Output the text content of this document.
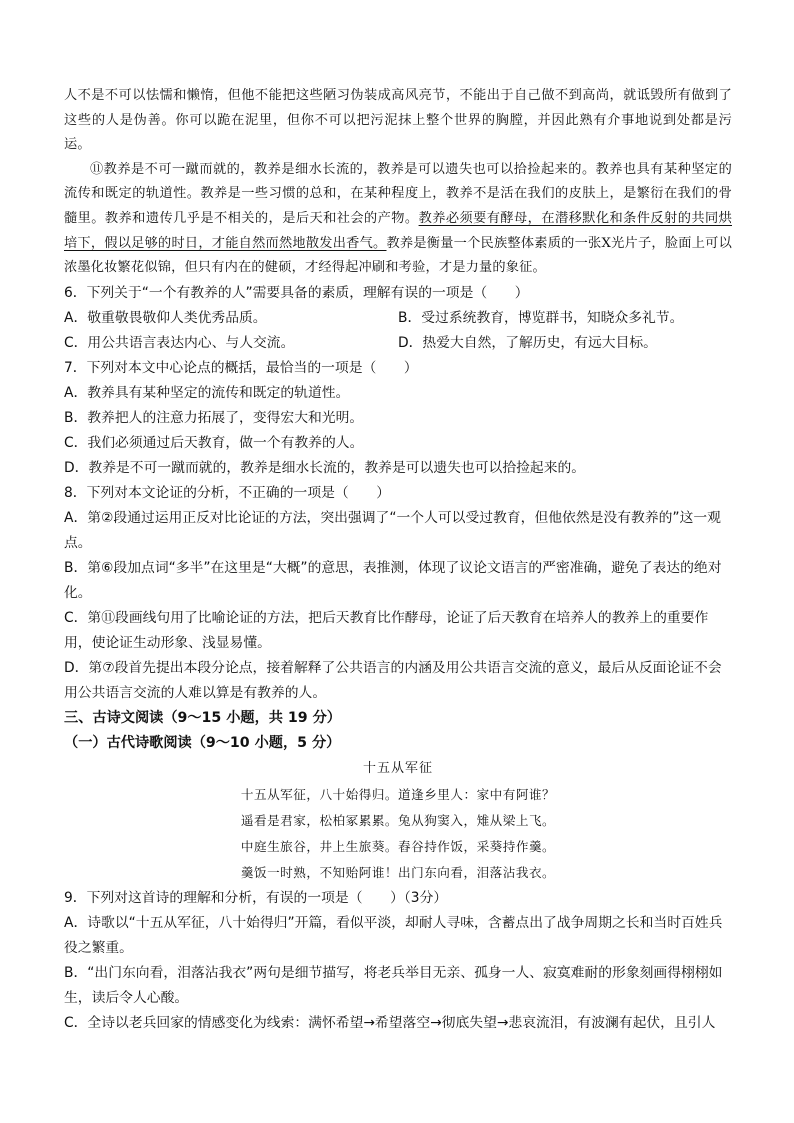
人不是不可以怯懦和懒惰，但他不能把这些陋习伪装成高风亮节，不能出于自己做不到高尚，就诋毁所有做到了这些的人是伪善。你可以跪在泥里，但你不可以把污泥抹上整个世界的胸膛，并因此熟有介事地说到处都是污运。

⑪教养是不可一蹴而就的，教养是细水长流的，教养是可以遗失也可以拾捡起来的。教养也具有某种坚定的流传和既定的轨道性。教养是一些习惯的总和，在某种程度上，教养不是活在我们的皮肤上，是繁衍在我们的骨髓里。教养和遗传几乎是不相关的，是后天和社会的产物。教养必须要有酵母，在潜移默化和条件反射的共同烘培下，假以足够的时日，才能自然而然地散发出香气。教养是衡量一个民族整体素质的一张X光片子，脸面上可以浓墨化妆繁花似锦，但只有内在的健硕，才经得起冲刷和考验，才是力量的象征。

6．下列关于“一个有教养的人”需要具备的素质，理解有误的一项是（　　）

A．敬重敬畏敬仰人类优秀品质。	B．受过系统教育，博览群书，知晓众多礼节。

C．用公共语言表达内心、与人交流。	D．热爱大自然，了解历史，有远大目标。

7．下列对本文中心论点的概括，最恰当的一项是（　　）

A．教养具有某种坚定的流传和既定的轨道性。

B．教养把人的注意力拓展了，变得宏大和光明。

C．我们必须通过后天教育，做一个有教养的人。

D．教养是不可一蹴而就的，教养是细水长流的，教养是可以遗失也可以拾捡起来的。

8．下列对本文论证的分析，不正确的一项是（　　）

A．第②段通过运用正反对比论证的方法，突出强调了“一个人可以受过教育，但他依然是没有教养的”这一观点。

B．第⑥段加点词“多半”在这里是“大概”的意思，表推测，体现了议论文语言的严密准确，避免了表达的绝对化。

C．第⑪段画线句用了比喻论证的方法，把后天教育比作酵母，论证了后天教育在培养人的教养上的重要作用，使论证生动形象、浅显易懂。

D．第⑦段首先提出本段分论点，接着解释了公共语言的内涵及用公共语言交流的意义，最后从反面论证不会用公共语言交流的人难以算是有教养的人。

三、古诗文阅读（9～15 小题，共 19 分）

（一）古代诗歌阅读（9～10 小题，5 分）

十五从军征

十五从军征，八十始得归。道逢乡里人：家中有阿谁？

遥看是君家，松柏冢累累。兔从狗窦入，雉从梁上飞。

中庭生旅谷，井上生旅葵。舂谷持作饭，采葵持作羹。

羹饭一时熟，不知贻阿谁！出门东向看，泪落沾我衣。

9．下列对这首诗的理解和分析，有误的一项是（　　）（3分）

A．诗歌以“十五从军征，八十始得归”开篇，看似平淡，却耐人寻味，含蓄点出了战争周期之长和当时百姓兵役之繁重。

B．“出门东向看，泪落沾我衣”两句是细节描写，将老兵举目无亲、孤身一人、寂寞难耐的形象刻画得栩栩如生，读后令人心酸。

C．全诗以老兵回家的情感变化为线索：满怀希望→希望落空→彻底失望→悲哀流泪，有波澜有起伏，且引人
